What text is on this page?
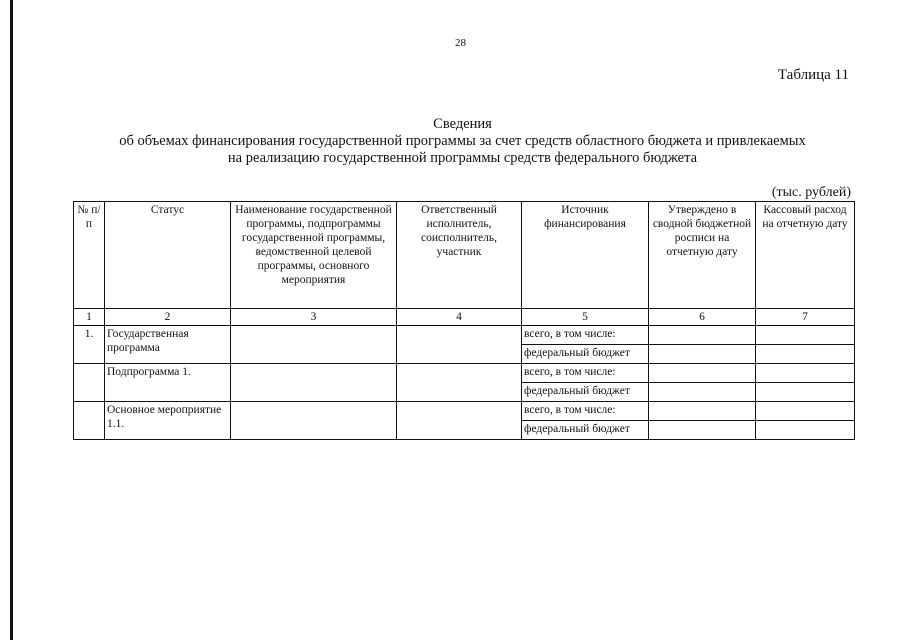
28
Таблица 11
Сведения
об объемах финансирования государственной программы за счет средств областного бюджета и привлекаемых
на реализацию государственной программы средств федерального бюджета
(тыс. рублей)
№ п/п	Статус	Наименование государственной программы, подпрограммы государственной программы, ведомственной целевой программы, основного мероприятия	Ответственный исполнитель, соисполнитель, участник	Источник финансирования	Утверждено в сводной бюджетной росписи на отчетную дату	Кассовый расход на отчетную дату
1	2	3	4	5	6	7
1.	Государственная программа			всего, в том числе:		
				федеральный бюджет		
	Подпрограмма 1.			всего, в том числе:		
				федеральный бюджет		
	Основное мероприятие 1.1.			всего, в том числе:		
				федеральный бюджет		
